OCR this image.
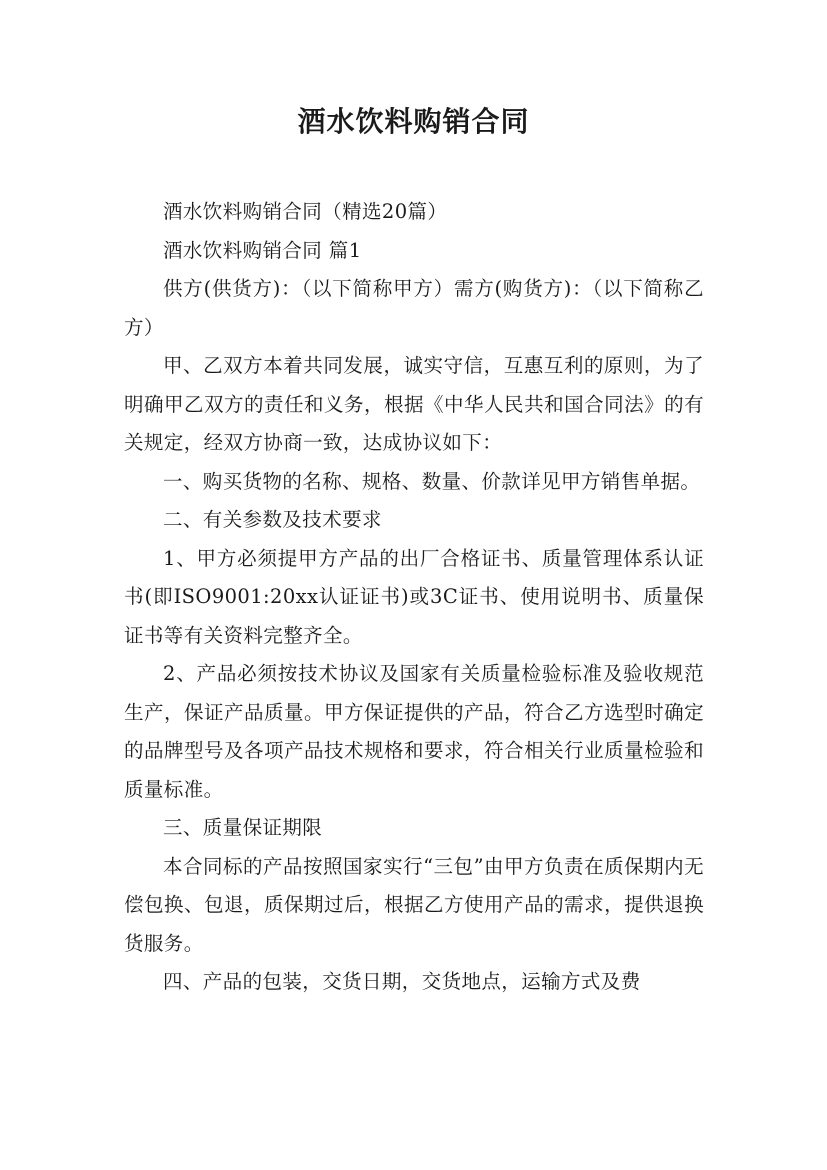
酒水饮料购销合同

酒水饮料购销合同（精选20篇）

酒水饮料购销合同 篇1

供方(供货方)：（以下简称甲方）需方(购货方)：（以下简称乙方）

甲、乙双方本着共同发展，诚实守信，互惠互利的原则，为了明确甲乙双方的责任和义务，根据《中华人民共和国合同法》的有关规定，经双方协商一致，达成协议如下：

一、购买货物的名称、规格、数量、价款详见甲方销售单据。

二、有关参数及技术要求

1、甲方必须提甲方产品的出厂合格证书、质量管理体系认证书(即ISO9001:20xx认证证书)或3C证书、使用说明书、质量保证书等有关资料完整齐全。

2、产品必须按技术协议及国家有关质量检验标准及验收规范生产，保证产品质量。甲方保证提供的产品，符合乙方选型时确定的品牌型号及各项产品技术规格和要求，符合相关行业质量检验和质量标准。

三、质量保证期限

本合同标的产品按照国家实行“三包”由甲方负责在质保期内无偿包换、包退，质保期过后，根据乙方使用产品的需求，提供退换货服务。

四、产品的包装，交货日期，交货地点，运输方式及费
